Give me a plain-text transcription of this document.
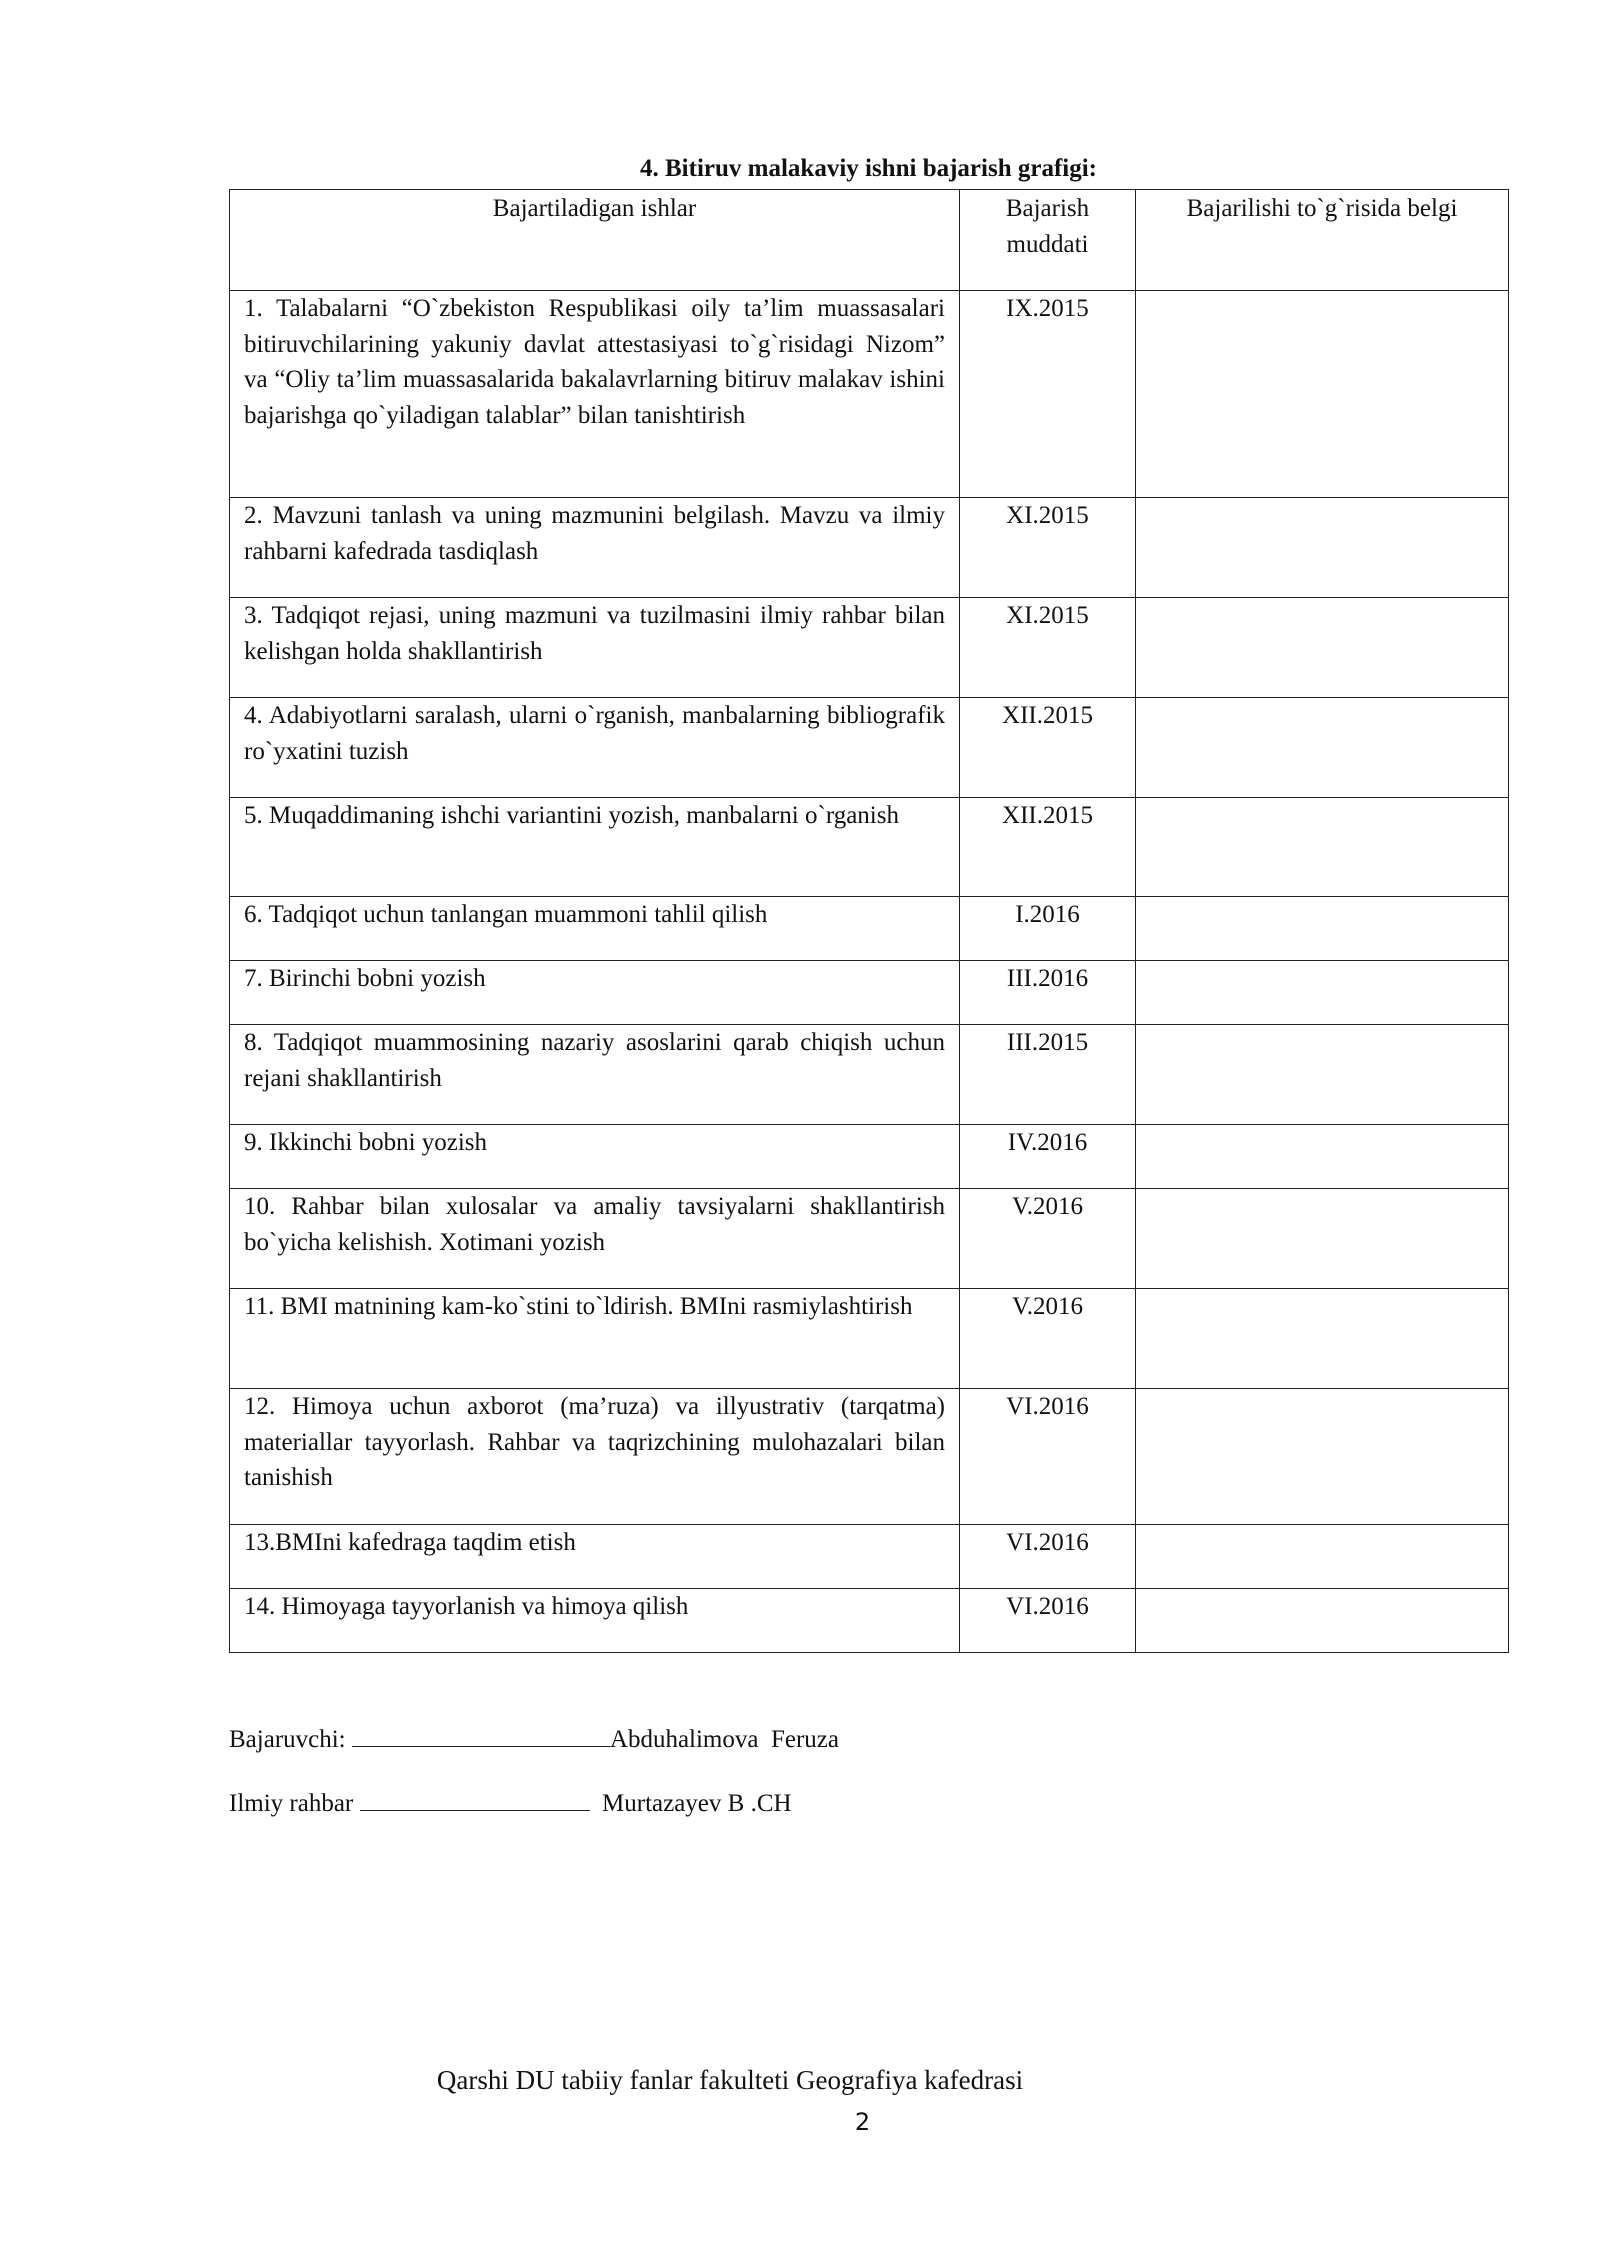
4. Bitiruv malakaviy ishni bajarish grafigi:
Bajartiladigan ishlar	Bajarish muddati	Bajarilishi to`g`risida belgi

1. Talabalarni “O`zbekiston Respublikasi oily ta’lim muassasalari bitiruvchilarining yakuniy davlat attestasiyasi to`g`risidagi Nizom” va “Oliy ta’lim muassasalarida bakalavrlarning bitiruv malakav ishini bajarishga qo`yiladigan talablar” bilan tanishtirish	IX.2015	

2. Mavzuni tanlash va uning mazmunini belgilash. Mavzu va ilmiy rahbarni kafedrada tasdiqlash	XI.2015	

3. Tadqiqot rejasi, uning mazmuni va tuzilmasini ilmiy rahbar bilan kelishgan holda shakllantirish	XI.2015	

4. Adabiyotlarni saralash, ularni o`rganish, manbalarning bibliografik ro`yxatini tuzish	XII.2015	

5. Muqaddimaning ishchi variantini yozish, manbalarni o`rganish	XII.2015	

6. Tadqiqot uchun tanlangan muammoni tahlil qilish	I.2016	

7. Birinchi bobni yozish	III.2016	

8. Tadqiqot muammosining nazariy asoslarini qarab chiqish uchun rejani shakllantirish	III.2015	

9. Ikkinchi bobni yozish	IV.2016	

10. Rahbar bilan xulosalar va amaliy tavsiyalarni shakllantirish bo`yicha kelishish. Xotimani yozish	V.2016	

11. BMI matnining kam-ko`stini to`ldirish. BMIni rasmiylashtirish	V.2016	

12. Himoya uchun axborot (ma’ruza) va illyustrativ (tarqatma) materiallar tayyorlash. Rahbar va taqrizchining mulohazalari bilan tanishish	VI.2016	

13.BMIni kafedraga taqdim etish	VI.2016	

14. Himoyaga tayyorlanish va himoya qilish	VI.2016	
Bajaruvchi:	Abduhalimova  Feruza
Ilmiy rahbar	Murtazayev B .CH
Qarshi DU tabiiy fanlar fakulteti Geografiya kafedrasi
2
